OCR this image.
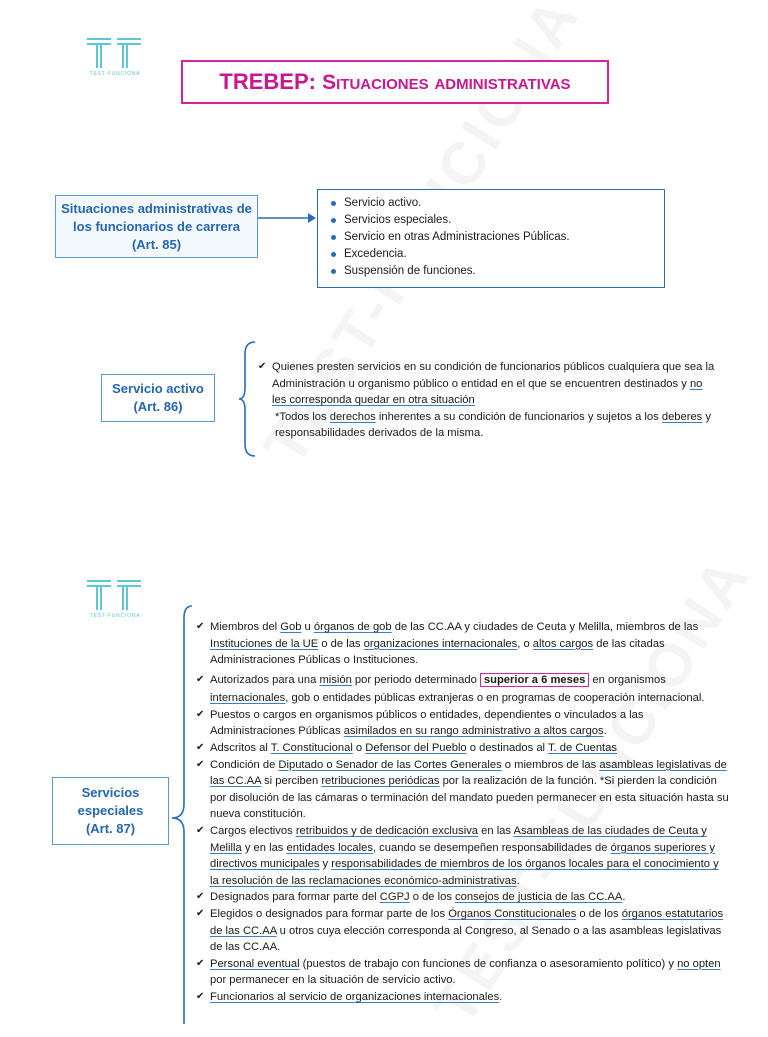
TEST-FUNCIONA	TREBEP: Situaciones administrativas
Situaciones administrativas de
los funcionarios de carrera
(Art. 85)
Servicio activo.
Servicios especiales.
Servicio en otras Administraciones Públicas.
Excedencia.
Suspensión de funciones.
Servicio activo
(Art. 86)
✔ Quienes presten servicios en su condición de funcionarios públicos cualquiera que sea la Administración u organismo público o entidad en el que se encuentren destinados y no les corresponda quedar en otra situación
*Todos los derechos inherentes a su condición de funcionarios y sujetos a los deberes y responsabilidades derivados de la misma.
TEST-FUNCIONA
Servicios
especiales
(Art. 87)
✔ Miembros del Gob u órganos de gob de las CC.AA y ciudades de Ceuta y Melilla, miembros de las Instituciones de la UE o de las organizaciones internacionales, o altos cargos de las citadas Administraciones Públicas o Instituciones.
✔ Autorizados para una misión por periodo determinado superior a 6 meses en organismos internacionales, gob o entidades públicas extranjeras o en programas de cooperación internacional.
✔ Puestos o cargos en organismos públicos o entidades, dependientes o vinculados a las Administraciones Públicas asimilados en su rango administrativo a altos cargos.
✔ Adscritos al T. Constitucional o Defensor del Pueblo o destinados al T. de Cuentas
✔ Condición de Diputado o Senador de las Cortes Generales o miembros de las asambleas legislativas de las CC.AA si perciben retribuciones periódicas por la realización de la función. *Si pierden la condición por disolución de las cámaras o terminación del mandato pueden permanecer en esta situación hasta su nueva constitución.
✔ Cargos electivos retribuidos y de dedicación exclusiva en las Asambleas de las ciudades de Ceuta y Melilla y en las entidades locales, cuando se desempeñen responsabilidades de órganos superiores y directivos municipales y responsabilidades de miembros de los órganos locales para el conocimiento y la resolución de las reclamaciones económico-administrativas.
✔ Designados para formar parte del CGPJ o de los consejos de justicia de las CC.AA.
✔ Elegidos o designados para formar parte de los Órganos Constitucionales o de los órganos estatutarios de las CC.AA u otros cuya elección corresponda al Congreso, al Senado o a las asambleas legislativas de las CC.AA.
✔ Personal eventual (puestos de trabajo con funciones de confianza o asesoramiento político) y no opten por permanecer en la situación de servicio activo.
✔ Funcionarios al servicio de organizaciones internacionales.
